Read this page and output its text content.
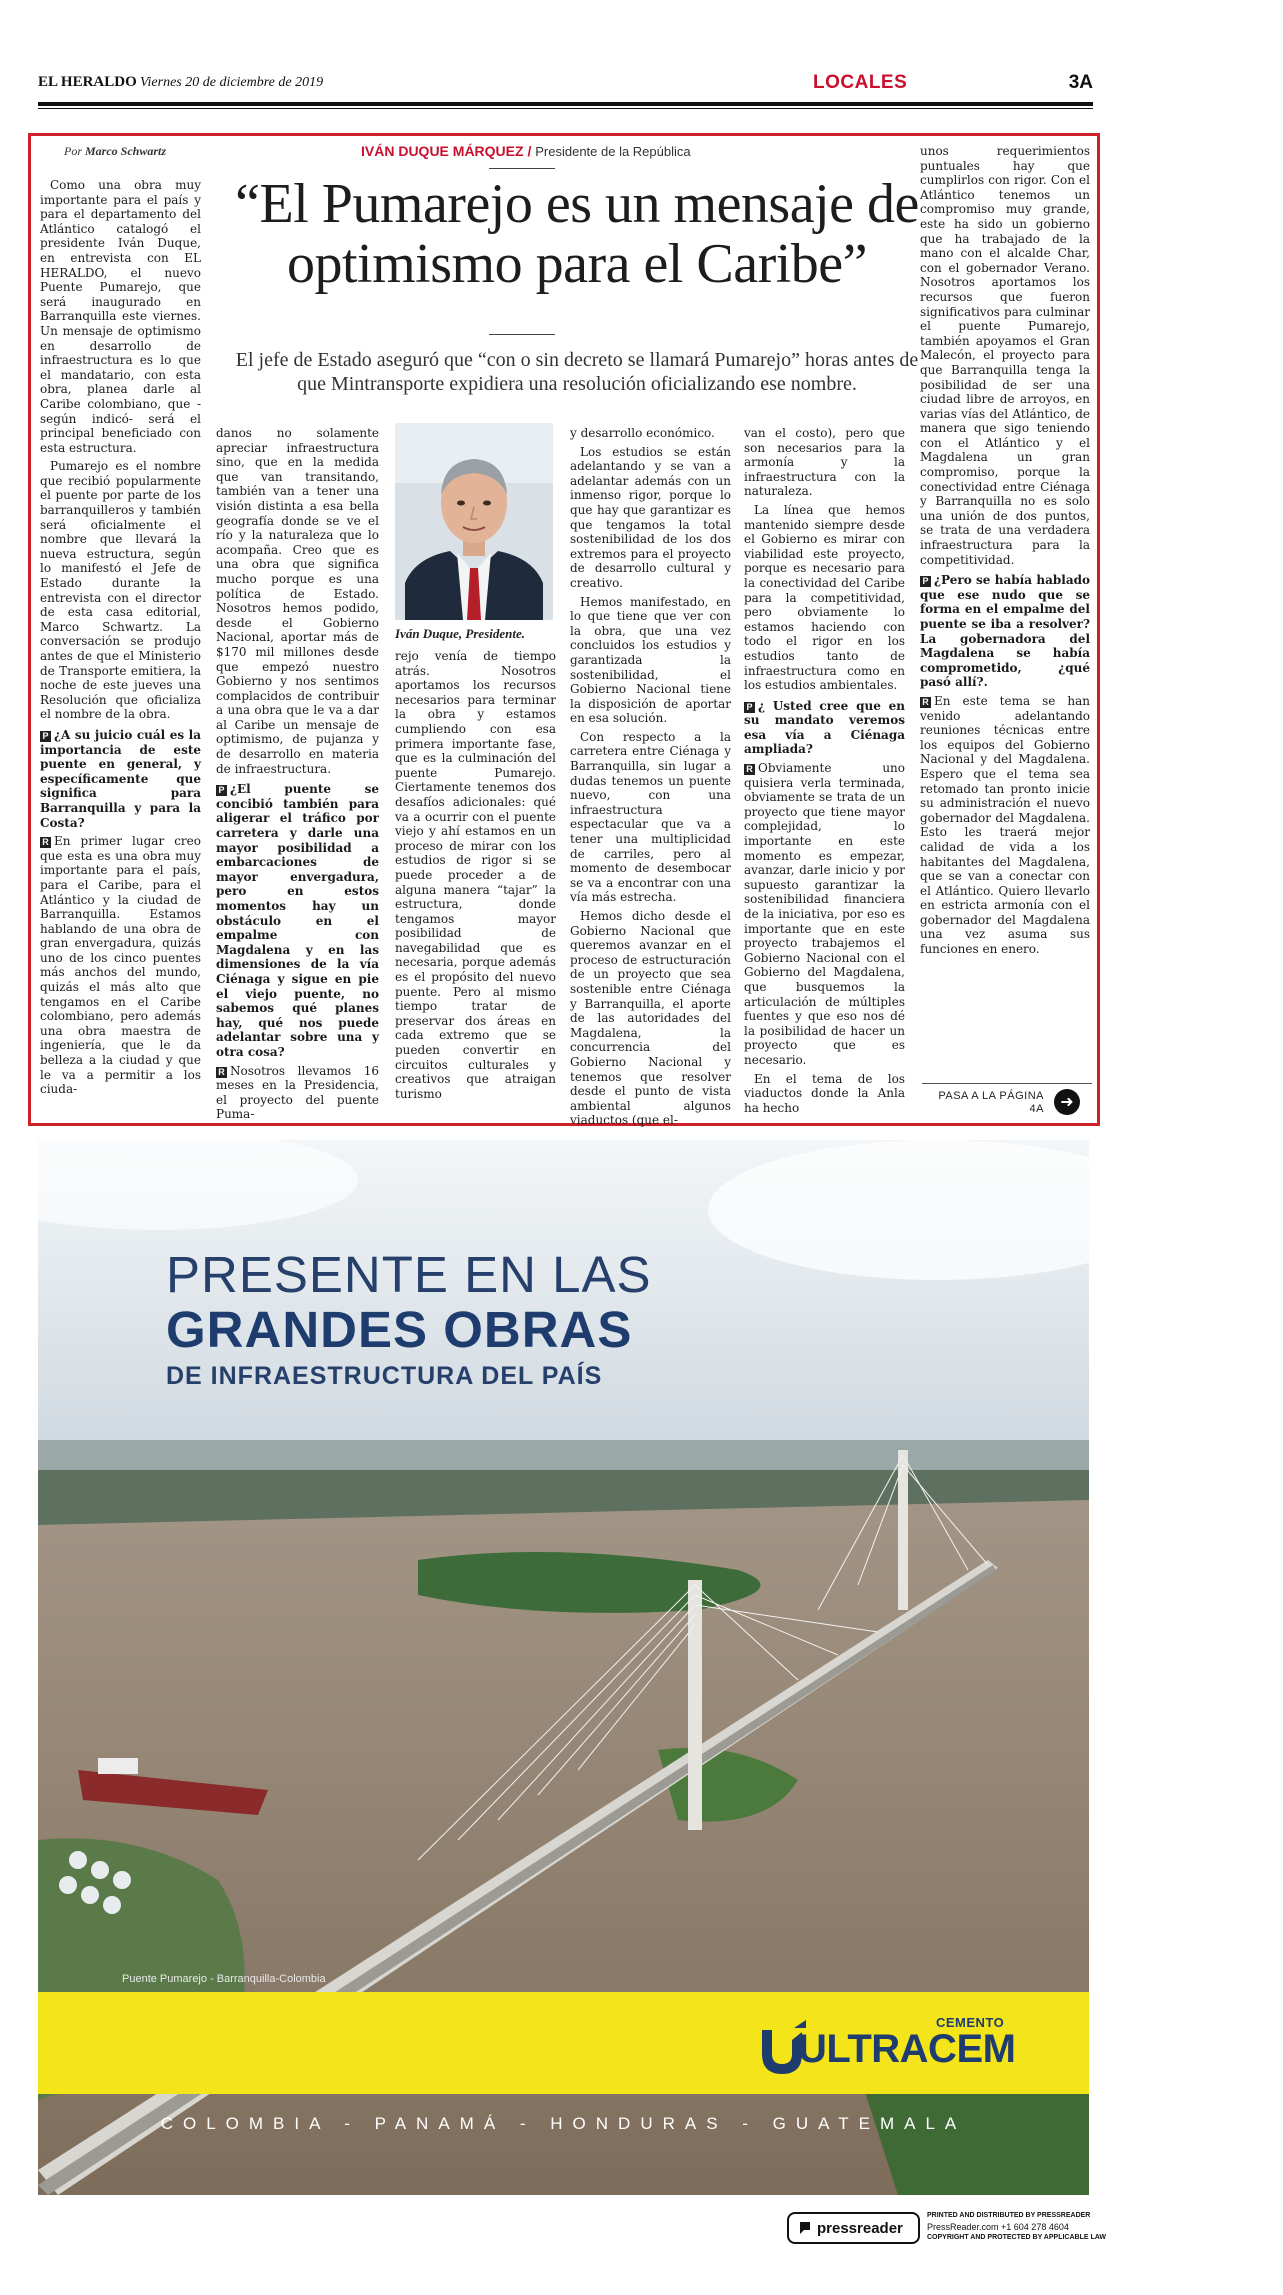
EL HERALDO Viernes 20 de diciembre de 2019	LOCALES	3A
Por Marco Schwartz	IVÁN DUQUE MÁRQUEZ / Presidente de la República
“El Pumarejo es un mensaje de optimismo para el Caribe”
El jefe de Estado aseguró que “con o sin decreto se llamará Pumarejo” horas antes de que Mintransporte expidiera una resolución oficializando ese nombre.

Como una obra muy importante para el país y para el departamento del Atlántico catalogó el presidente Iván Duque, en entrevista con EL HERALDO, el nuevo Puente Pumarejo, que será inaugurado en Barranquilla este viernes. Un mensaje de optimismo en desarrollo de infraestructura es lo que el mandatario, con esta obra, planea darle al Caribe colombiano, que -según indicó- será el principal beneficiado con esta estructura.

Pumarejo es el nombre que recibió popularmente el puente por parte de los barranquilleros y también será oficialmente el nombre que llevará la nueva estructura, según lo manifestó el Jefe de Estado durante la entrevista con el director de esta casa editorial, Marco Schwartz. La conversación se produjo antes de que el Ministerio de Transporte emitiera, la noche de este jueves una Resolución que oficializa el nombre de la obra.

P ¿A su juicio cuál es la importancia de este puente en general, y específicamente que significa para Barranquilla y para la Costa?

R En primer lugar creo que esta es una obra muy importante para el país, para el Caribe, para el Atlántico y la ciudad de Barranquilla. Estamos hablando de una obra de gran envergadura, quizás uno de los cinco puentes más anchos del mundo, quizás el más alto que tengamos en el Caribe colombiano, pero además una obra maestra de ingeniería, que le da belleza a la ciudad y que le va a permitir a los ciuda-

danos no solamente apreciar infraestructura sino, que en la medida que van transitando, también van a tener una visión distinta a esa bella geografía donde se ve el río y la naturaleza que lo acompaña. Creo que es una obra que significa mucho porque es una política de Estado. Nosotros hemos podido, desde el Gobierno Nacional, aportar más de $170 mil millones desde que empezó nuestro Gobierno y nos sentimos complacidos de contribuir a una obra que le va a dar al Caribe un mensaje de optimismo, de pujanza y de desarrollo en materia de infraestructura.

P ¿El puente se concibió también para aligerar el tráfico por carretera y darle una mayor posibilidad a embarcaciones de mayor envergadura, pero en estos momentos hay un obstáculo en el empalme con Magdalena y en las dimensiones de la vía Ciénaga y sigue en pie el viejo puente, no sabemos qué planes hay, qué nos puede adelantar sobre una y otra cosa?

R Nosotros llevamos 16 meses en la Presidencia, el proyecto del puente Puma-

Iván Duque, Presidente.

rejo venía de tiempo atrás. Nosotros aportamos los recursos necesarios para terminar la obra y estamos cumpliendo con esa primera importante fase, que es la culminación del puente Pumarejo. Ciertamente tenemos dos desafíos adicionales: qué va a ocurrir con el puente viejo y ahí estamos en un proceso de mirar con los estudios de rigor si se puede proceder a de alguna manera “tajar” la estructura, donde tengamos mayor posibilidad de navegabilidad que es necesaria, porque además es el propósito del nuevo puente. Pero al mismo tiempo tratar de preservar dos áreas en cada extremo que se pueden convertir en circuitos culturales y creativos que atraigan turismo

y desarrollo económico.

Los estudios se están adelantando y se van a adelantar además con un inmenso rigor, porque lo que hay que garantizar es que tengamos la total sostenibilidad de los dos extremos para el proyecto de desarrollo cultural y creativo.

Hemos manifestado, en lo que tiene que ver con la obra, que una vez concluidos los estudios y garantizada la sostenibilidad, el Gobierno Nacional tiene la disposición de aportar en esa solución.

Con respecto a la carretera entre Ciénaga y Barranquilla, sin lugar a dudas tenemos un puente nuevo, con una infraestructura espectacular que va a tener una multiplicidad de carriles, pero al momento de desembocar se va a encontrar con una vía más estrecha.

Hemos dicho desde el Gobierno Nacional que queremos avanzar en el proceso de estructuración de un proyecto que sea sostenible entre Ciénaga y Barranquilla, el aporte de las autoridades del Magdalena, la concurrencia del Gobierno Nacional y tenemos que resolver desde el punto de vista ambiental algunos viaductos (que el-

van el costo), pero que son necesarios para la armonía y la infraestructura con la naturaleza.

La línea que hemos mantenido siempre desde el Gobierno es mirar con viabilidad este proyecto, porque es necesario para la conectividad del Caribe para la competitividad, pero obviamente lo estamos haciendo con todo el rigor en los estudios tanto de infraestructura como en los estudios ambientales.

P ¿ Usted cree que en su mandato veremos esa vía a Ciénaga ampliada?

R Obviamente uno quisiera verla terminada, obviamente se trata de un proyecto que tiene mayor complejidad, lo importante en este momento es empezar, avanzar, darle inicio y por supuesto garantizar la sostenibilidad financiera de la iniciativa, por eso es importante que en este proyecto trabajemos el Gobierno Nacional con el Gobierno del Magdalena, que busquemos la articulación de múltiples fuentes y que eso nos dé la posibilidad de hacer un proyecto que es necesario.

En el tema de los viaductos donde la Anla ha hecho

unos requerimientos puntuales hay que cumplirlos con rigor. Con el Atlántico tenemos un compromiso muy grande, este ha sido un gobierno que ha trabajado de la mano con el alcalde Char, con el gobernador Verano. Nosotros aportamos los recursos que fueron significativos para culminar el puente Pumarejo, también apoyamos el Gran Malecón, el proyecto para que Barranquilla tenga la posibilidad de ser una ciudad libre de arroyos, en varias vías del Atlántico, de manera que sigo teniendo con el Atlántico y el Magdalena un gran compromiso, porque la conectividad entre Ciénaga y Barranquilla no es solo una unión de dos puntos, se trata de una verdadera infraestructura para la competitividad.

P ¿Pero se había hablado que ese nudo que se forma en el empalme del puente se iba a resolver? La gobernadora del Magdalena se había comprometido, ¿qué pasó allí?.

R En este tema se han venido adelantando reuniones técnicas entre los equipos del Gobierno Nacional y del Magdalena. Espero que el tema sea retomado tan pronto inicie su administración el nuevo gobernador del Magdalena. Esto les traerá mejor calidad de vida a los habitantes del Magdalena, que se van a conectar con el Atlántico. Quiero llevarlo en estricta armonía con el gobernador del Magdalena una vez asuma sus funciones en enero.

PASA A LA PÁGINA 4A	➜
PRESENTE EN LAS
GRANDES OBRAS
DE INFRAESTRUCTURA DEL PAÍS
Puente Pumarejo - Barranquilla-Colombia
CEMENTO
ULTRACEM
COLOMBIA - PANAMÁ - HONDURAS - GUATEMALA
pressreader
PRINTED AND DISTRIBUTED BY PRESSREADER
PressReader.com +1 604 278 4604
COPYRIGHT AND PROTECTED BY APPLICABLE LAW
